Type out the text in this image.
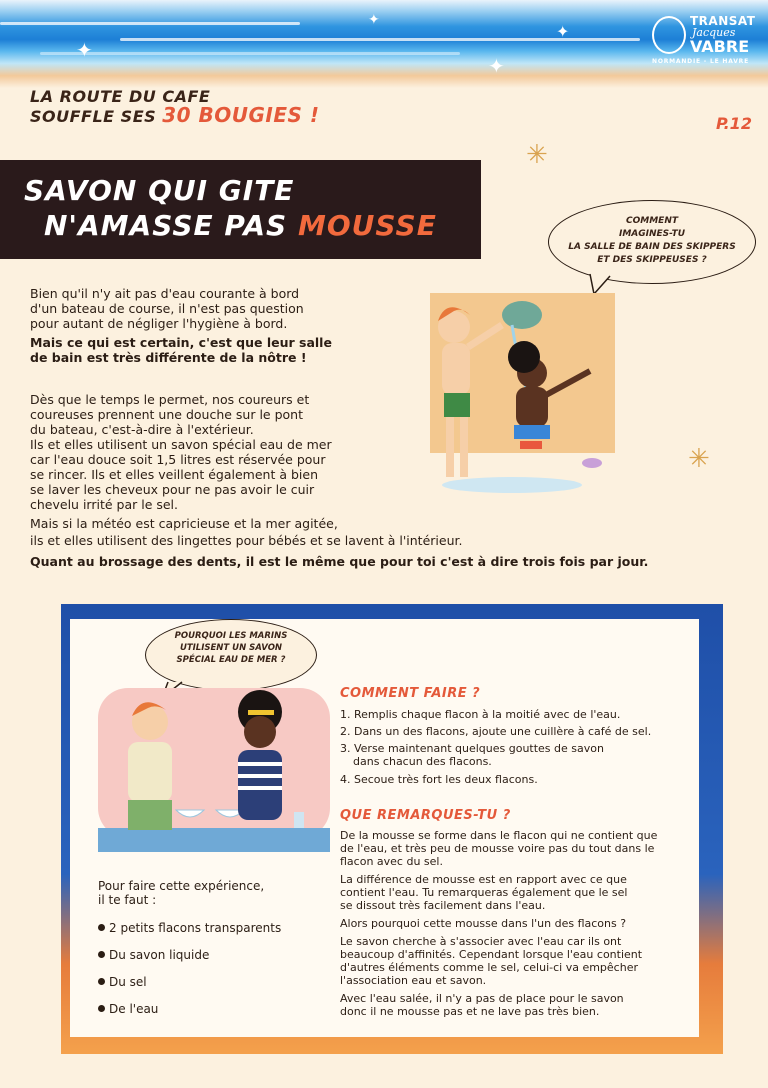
✦
✦
✦
✦
TRANSAT
Jacques
VABRE
NORMANDIE - LE HAVRE
LA ROUTE DU CAFE
SOUFFLE SES 30 BOUGIES !	P.12
✳
✳
SAVON QUI GITE
N'AMASSE PAS MOUSSE	COMMENT
IMAGINES-TU
LA SALLE DE BAIN DES SKIPPERS
ET DES SKIPPEUSES ?
Bien qu'il n'y ait pas d'eau courante à bord
d'un bateau de course, il n'est pas question
pour autant de négliger l'hygiène à bord.
Mais ce qui est certain, c'est que leur salle
de bain est très différente de la nôtre !
Dès que le temps le permet, nos coureurs et
coureuses prennent une douche sur le pont
du bateau, c'est-à-dire à l'extérieur.
Ils et elles utilisent un savon spécial eau de mer
car l'eau douce soit 1,5 litres est réservée pour
se rincer. Ils et elles veillent également à bien
se laver les cheveux pour ne pas avoir le cuir
chevelu irrité par le sel.
Mais si la météo est capricieuse et la mer agitée,
ils et elles utilisent des lingettes pour bébés et se lavent à l'intérieur.
Quant au brossage des dents, il est le même que pour toi c'est à dire trois fois par jour.
POURQUOI LES MARINS
UTILISENT UN SAVON
SPÉCIAL EAU DE MER ?
Pour faire cette expérience,
il te faut :
2 petits flacons transparents
Du savon liquide
Du sel
De l'eau
COMMENT FAIRE ?
1. Remplis chaque flacon à la moitié avec de l'eau.
2. Dans un des flacons, ajoute une cuillère à café de sel.
3. Verse maintenant quelques gouttes de savon
dans chacun des flacons.
4. Secoue très fort les deux flacons.
QUE REMARQUES-TU ?
De la mousse se forme dans le flacon qui ne contient que
de l'eau, et très peu de mousse voire pas du tout dans le
flacon avec du sel.
La différence de mousse est en rapport avec ce que
contient l'eau. Tu remarqueras également que le sel
se dissout très facilement dans l'eau.
Alors pourquoi cette mousse dans l'un des flacons ?
Le savon cherche à s'associer avec l'eau car ils ont
beaucoup d'affinités. Cependant lorsque l'eau contient
d'autres éléments comme le sel, celui-ci va empêcher
l'association eau et savon.
Avec l'eau salée, il n'y a pas de place pour le savon
donc il ne mousse pas et ne lave pas très bien.
